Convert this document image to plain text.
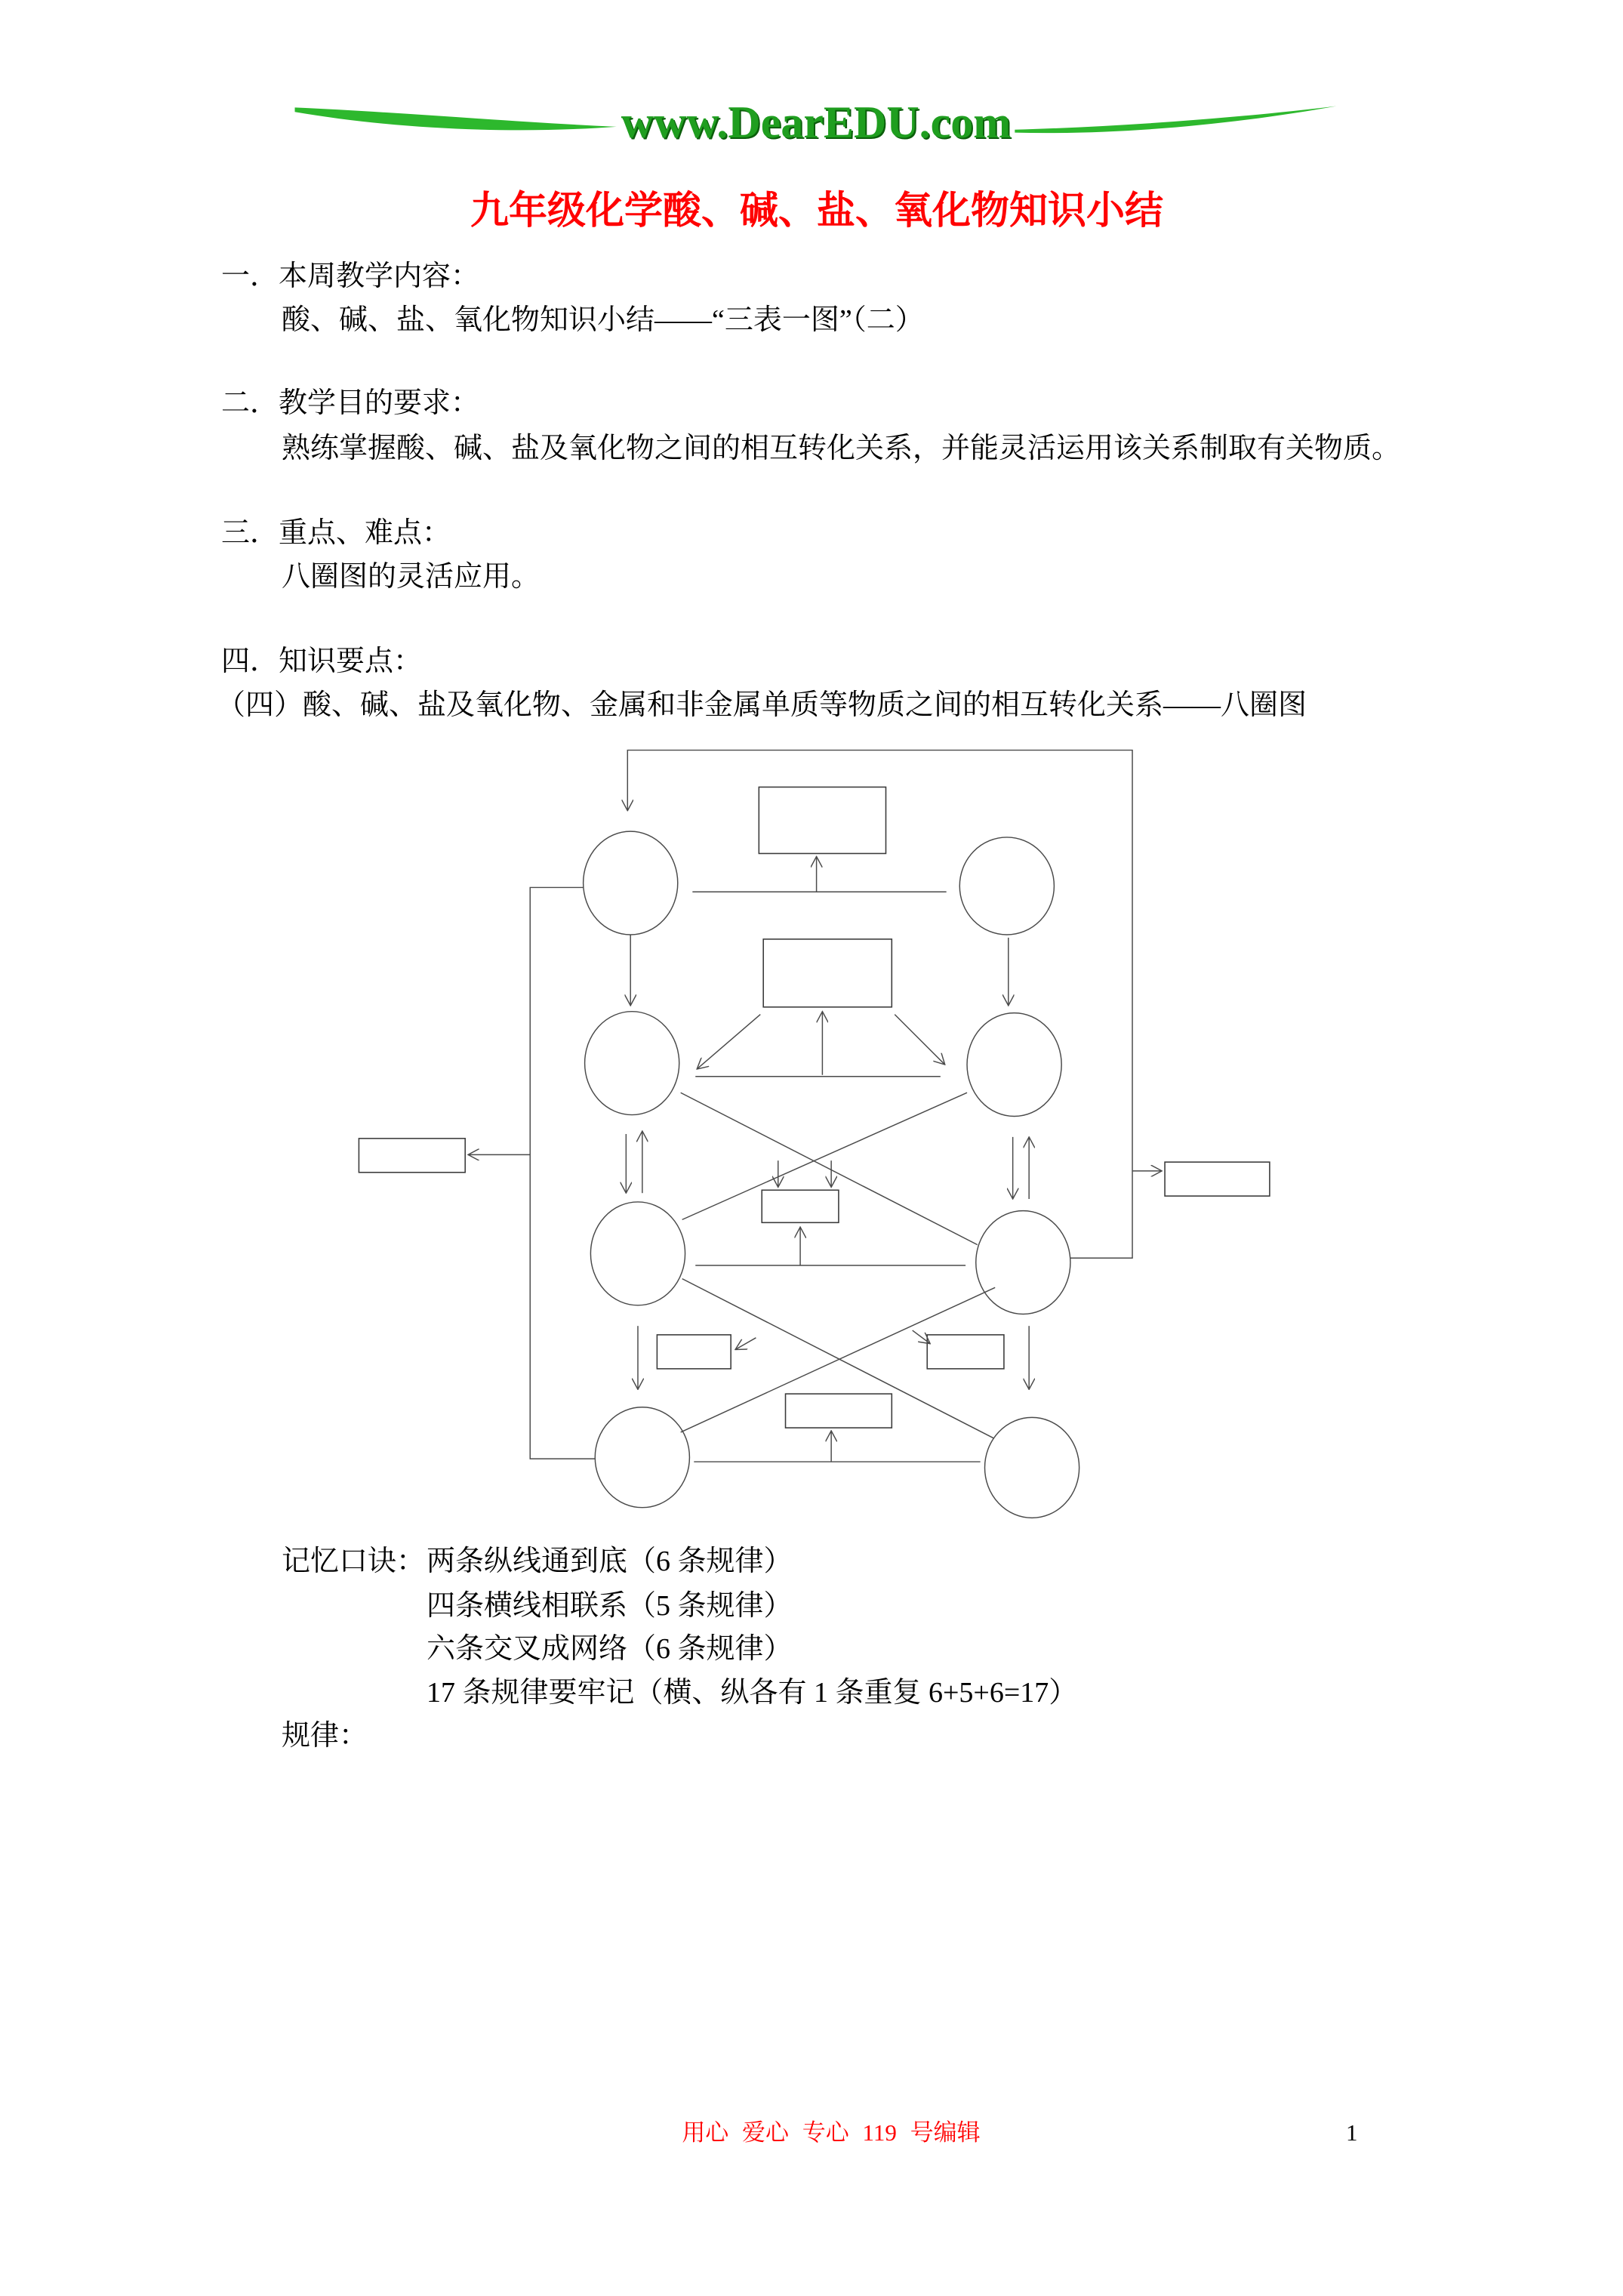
www.DearEDU.com
九年级化学酸、碱、盐、氧化物知识小结
一．本周教学内容：
酸、碱、盐、氧化物知识小结——“三表一图”（二）
二．教学目的要求：
熟练掌握酸、碱、盐及氧化物之间的相互转化关系，并能灵活运用该关系制取有关物质。
三．重点、难点：
八圈图的灵活应用。
四．知识要点：
（四）酸、碱、盐及氧化物、金属和非金属单质等物质之间的相互转化关系——八圈图
记忆口诀： 两条纵线通到底（6 条规律）
四条横线相联系（5 条规律）
六条交叉成网络（6 条规律）
17 条规律要牢记（横、纵各有 1 条重复 6+5+6=17）
规律：
用心 爱心 专心 119 号编辑	1
